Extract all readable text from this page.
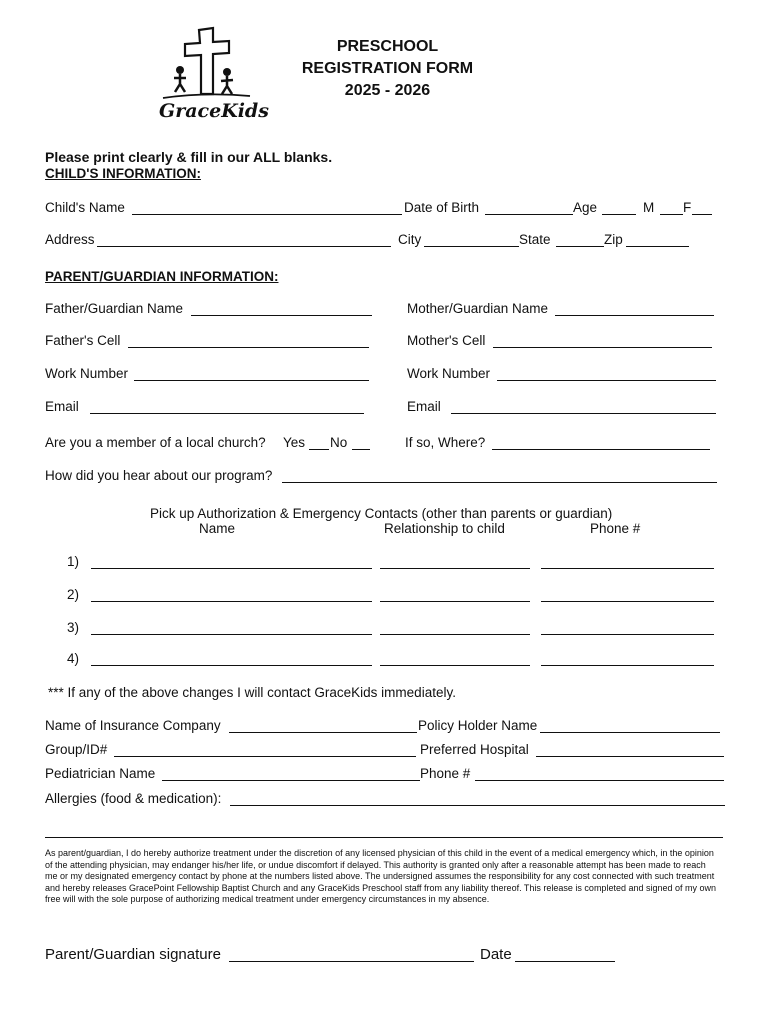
GraceKids
PRESCHOOL
REGISTRATION FORM
2025 - 2026
Please print clearly & fill in our ALL blanks.
CHILD'S INFORMATION:
Child's Name	Date of Birth	Age	M F
Address	City	State	Zip
PARENT/GUARDIAN INFORMATION:
Father/Guardian Name	Mother/Guardian Name
Father's Cell	Mother's Cell
Work Number	Work Number
Email	Email
Are you a member of a local church? Yes No	If so, Where?
How did you hear about our program?
Pick up Authorization & Emergency Contacts (other than parents or guardian)
Name	Relationship to child	Phone #
1)
2)
3)
4)
*** If any of the above changes I will contact GraceKids immediately.
Name of Insurance Company	Policy Holder Name
Group/ID#	Preferred Hospital
Pediatrician Name	Phone #
Allergies (food & medication):
As parent/guardian, I do hereby authorize treatment under the discretion of any licensed physician of this child in the event of a medical emergency which, in the opinion of the attending physician, may endanger his/her life, or undue discomfort if delayed. This authority is granted only after a reasonable attempt has been made to reach me or my designated emergency contact by phone at the numbers listed above. The undersigned assumes the responsibility for any cost connected with such treatment and hereby releases GracePoint Fellowship Baptist Church and any GraceKids Preschool staff from any liability thereof. This release is completed and signed of my own free will with the sole purpose of authorizing medical treatment under emergency circumstances in my absence.
Parent/Guardian signature	Date
